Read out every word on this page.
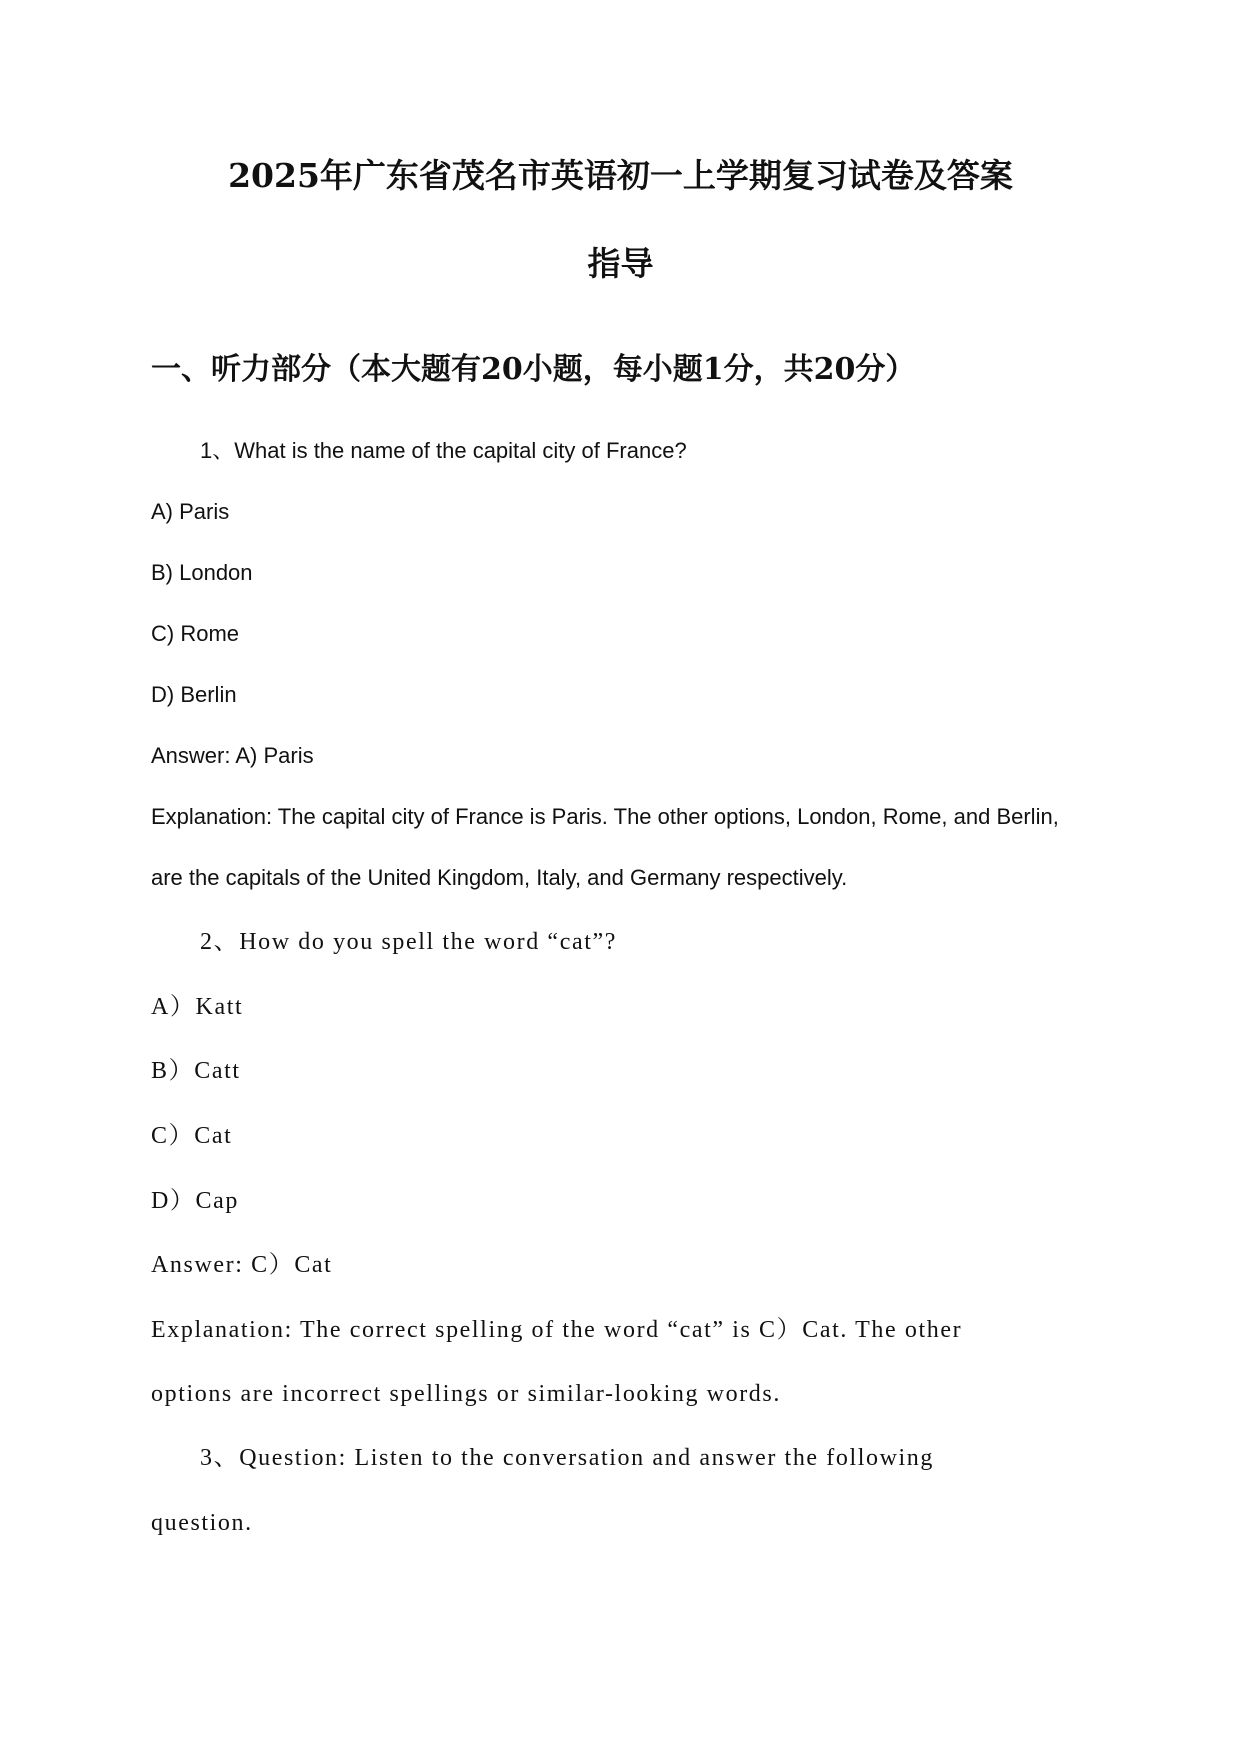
2025年广东省茂名市英语初一上学期复习试卷及答案
指导
一、听力部分（本大题有20小题，每小题1分，共20分）
1、What is the name of the capital city of France?
A) Paris
B) London
C) Rome
D) Berlin
Answer: A) Paris
Explanation: The capital city of France is Paris. The other options, London, Rome, and Berlin,
are the capitals of the United Kingdom, Italy, and Germany respectively.
2、How do you spell the word “cat”?
A）Katt
B）Catt
C）Cat
D）Cap
Answer: C）Cat
Explanation: The correct spelling of the word “cat” is C）Cat. The other
options are incorrect spellings or similar-looking words.
3、Question: Listen to the conversation and answer the following
question.
